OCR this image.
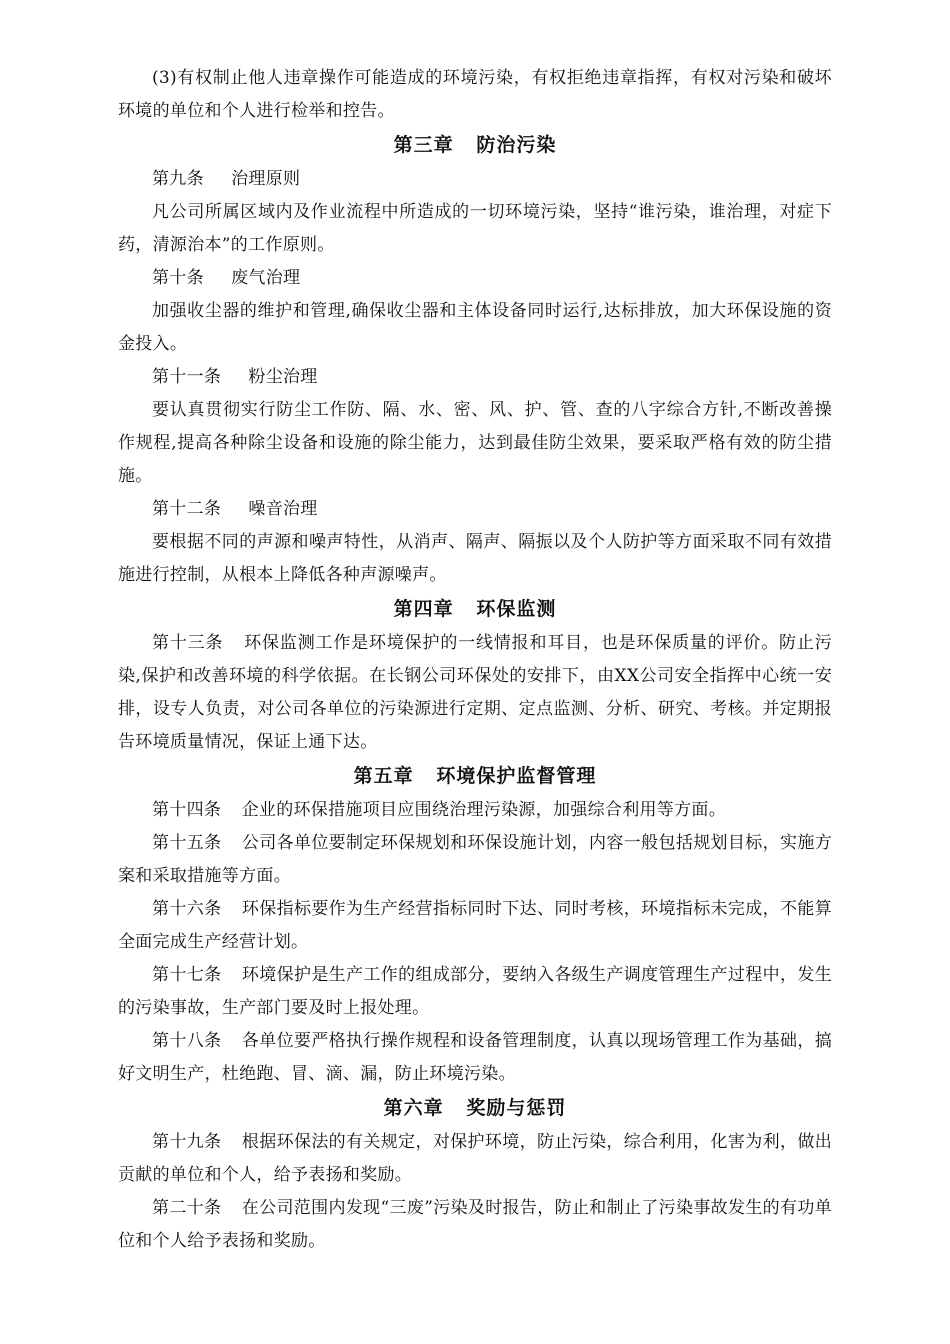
(3)有权制止他人违章操作可能造成的环境污染，有权拒绝违章指挥，有权对污染和破坏环境的单位和个人进行检举和控告。

第三章 防治污染

第九条 治理原则

凡公司所属区域内及作业流程中所造成的一切环境污染，坚持“谁污染，谁治理，对症下药，清源治本”的工作原则。

第十条 废气治理

加强收尘器的维护和管理,确保收尘器和主体设备同时运行,达标排放，加大环保设施的资金投入。

第十一条 粉尘治理

要认真贯彻实行防尘工作防、隔、水、密、风、护、管、查的八字综合方针,不断改善操作规程,提高各种除尘设备和设施的除尘能力，达到最佳防尘效果，要采取严格有效的防尘措施。

第十二条 噪音治理

要根据不同的声源和噪声特性，从消声、隔声、隔振以及个人防护等方面采取不同有效措施进行控制，从根本上降低各种声源噪声。

第四章 环保监测

第十三条 环保监测工作是环境保护的一线情报和耳目，也是环保质量的评价。防止污染,保护和改善环境的科学依据。在长钢公司环保处的安排下，由XX公司安全指挥中心统一安排，设专人负责，对公司各单位的污染源进行定期、定点监测、分析、研究、考核。并定期报告环境质量情况，保证上通下达。

第五章 环境保护监督管理

第十四条 企业的环保措施项目应围绕治理污染源，加强综合利用等方面。

第十五条 公司各单位要制定环保规划和环保设施计划，内容一般包括规划目标，实施方案和采取措施等方面。

第十六条 环保指标要作为生产经营指标同时下达、同时考核，环境指标未完成，不能算全面完成生产经营计划。

第十七条 环境保护是生产工作的组成部分，要纳入各级生产调度管理生产过程中，发生的污染事故，生产部门要及时上报处理。

第十八条 各单位要严格执行操作规程和设备管理制度，认真以现场管理工作为基础，搞好文明生产，杜绝跑、冒、滴、漏，防止环境污染。

第六章 奖励与惩罚

第十九条 根据环保法的有关规定，对保护环境，防止污染，综合利用，化害为利，做出贡献的单位和个人，给予表扬和奖励。

第二十条 在公司范围内发现“三废”污染及时报告，防止和制止了污染事故发生的有功单位和个人给予表扬和奖励。
